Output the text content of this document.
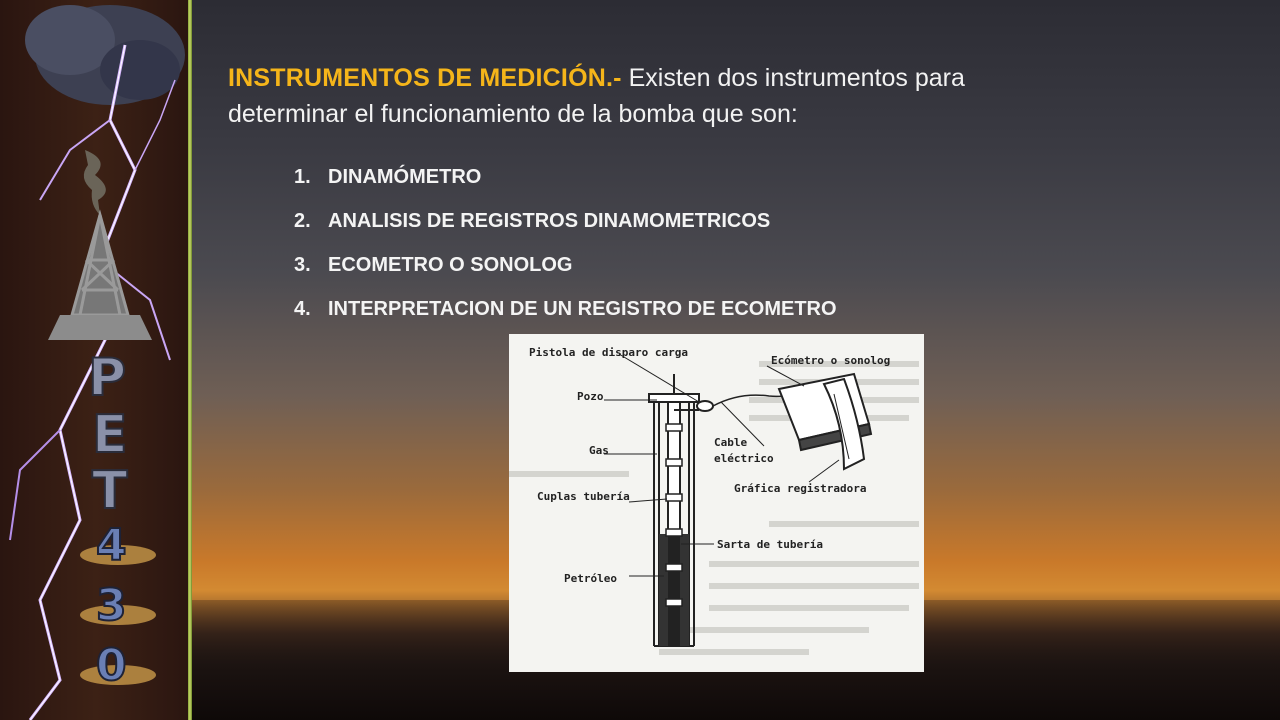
P
E
T
4
3
0
INSTRUMENTOS DE MEDICIÓN.- Existen dos instrumentos para
determinar el funcionamiento de la bomba que son:
1. DINAMÓMETRO
2. ANALISIS DE REGISTROS DINAMOMETRICOS
3. ECOMETRO O SONOLOG
4. INTERPRETACION DE UN REGISTRO DE ECOMETRO
Pistola de disparo carga
Ecómetro o sonolog
Pozo
Gas
Cable
eléctrico
Cuplas tubería
Gráfica registradora
Sarta de tubería
Petróleo
